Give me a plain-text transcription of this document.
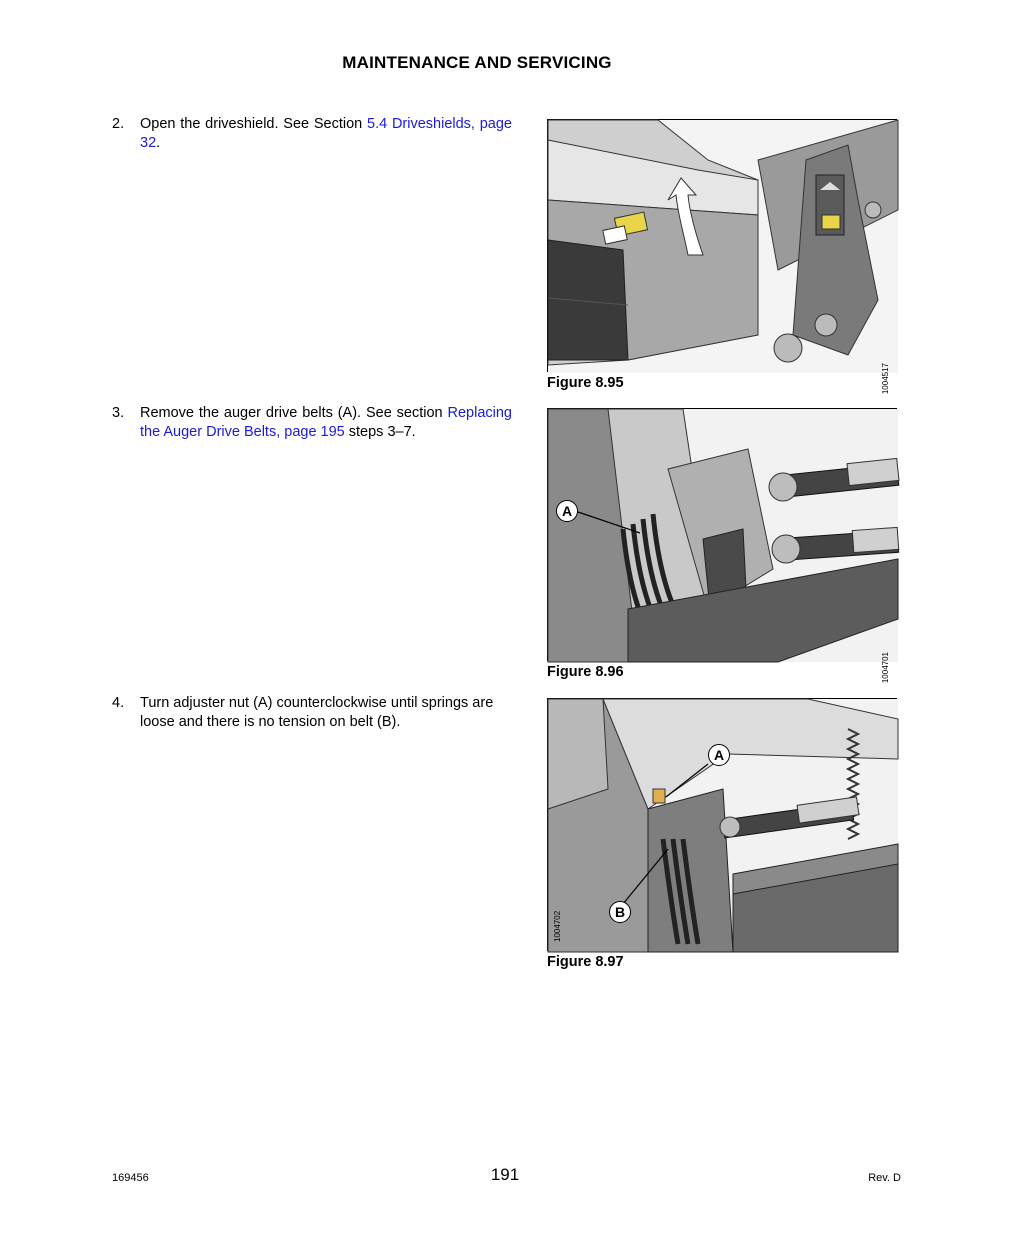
MAINTENANCE AND SERVICING
2. Open the driveshield. See Section 5.4 Driveshields, page 32.
3. Remove the auger drive belts (A). See section Replacing the Auger Drive Belts, page 195 steps 3–7.
4. Turn adjuster nut (A) counterclockwise until springs are loose and there is no tension on belt (B).
1004517
Figure 8.95
A
1004701
Figure 8.96
A
B
1004702
Figure 8.97
169456	191	Rev. D
